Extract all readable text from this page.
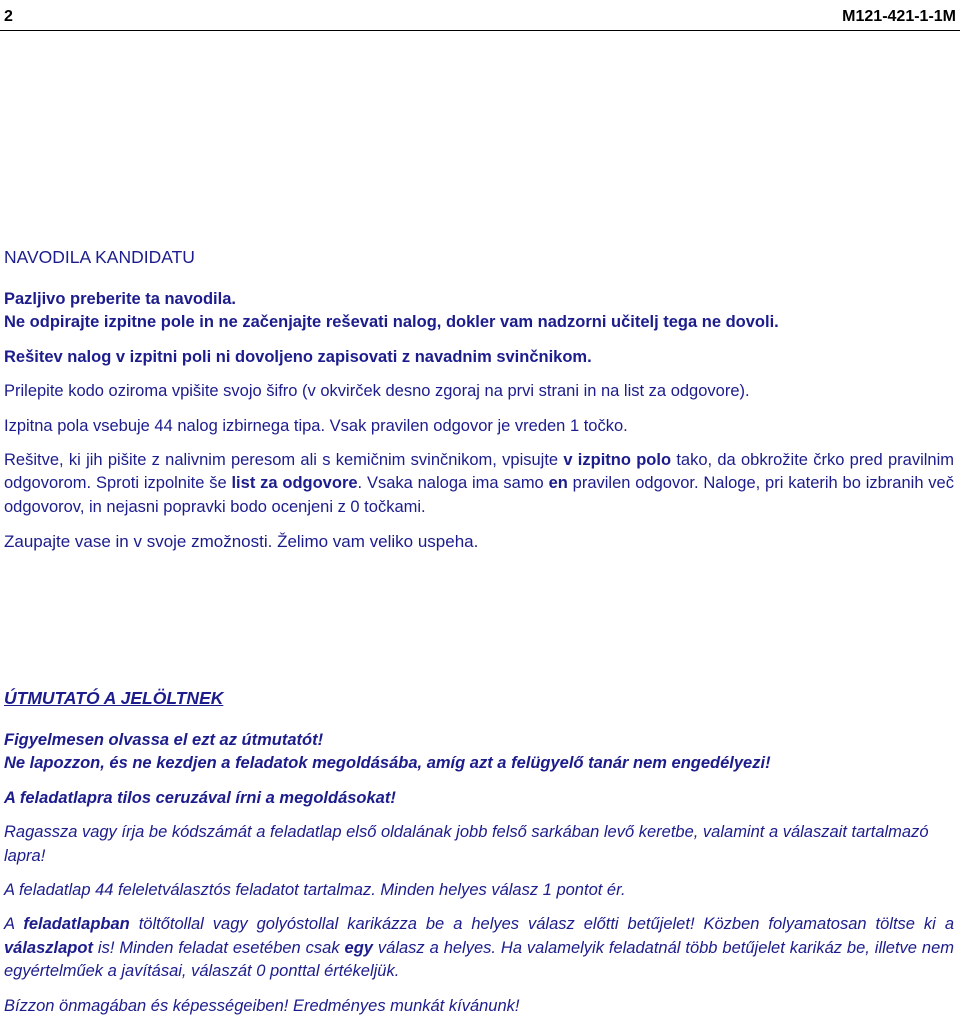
2	M121-421-1-1M
NAVODILA KANDIDATU

Pazljivo preberite ta navodila.

Ne odpirajte izpitne pole in ne začenjajte reševati nalog, dokler vam nadzorni učitelj tega ne dovoli.

Rešitev nalog v izpitni poli ni dovoljeno zapisovati z navadnim svinčnikom.

Prilepite kodo oziroma vpišite svojo šifro (v okvirček desno zgoraj na prvi strani in na list za odgovore).

Izpitna pola vsebuje 44 nalog izbirnega tipa. Vsak pravilen odgovor je vreden 1 točko.

Rešitve, ki jih pišite z nalivnim peresom ali s kemičnim svinčnikom, vpisujte v izpitno polo tako, da obkrožite črko pred pravilnim odgovorom. Sproti izpolnite še list za odgovore. Vsaka naloga ima samo en pravilen odgovor. Naloge, pri katerih bo izbranih več odgovorov, in nejasni popravki bodo ocenjeni z 0 točkami.

Zaupajte vase in v svoje zmožnosti. Želimo vam veliko uspeha.

ÚTMUTATÓ A JELÖLTNEK

Figyelmesen olvassa el ezt az útmutatót!

Ne lapozzon, és ne kezdjen a feladatok megoldásába, amíg azt a felügyelő tanár nem engedélyezi!

A feladatlapra tilos ceruzával írni a megoldásokat!

Ragassza vagy írja be kódszámát a feladatlap első oldalának jobb felső sarkában levő keretbe, valamint a válaszait tartalmazó lapra!

A feladatlap 44 feleletválasztós feladatot tartalmaz. Minden helyes válasz 1 pontot ér.

A feladatlapban töltőtollal vagy golyóstollal karikázza be a helyes válasz előtti betűjelet! Közben folyamatosan töltse ki a válaszlapot is! Minden feladat esetében csak egy válasz a helyes. Ha valamelyik feladatnál több betűjelet karikáz be, illetve nem egyértelműek a javításai, válaszát 0 ponttal értékeljük.

Bízzon önmagában és képességeiben! Eredményes munkát kívánunk!
